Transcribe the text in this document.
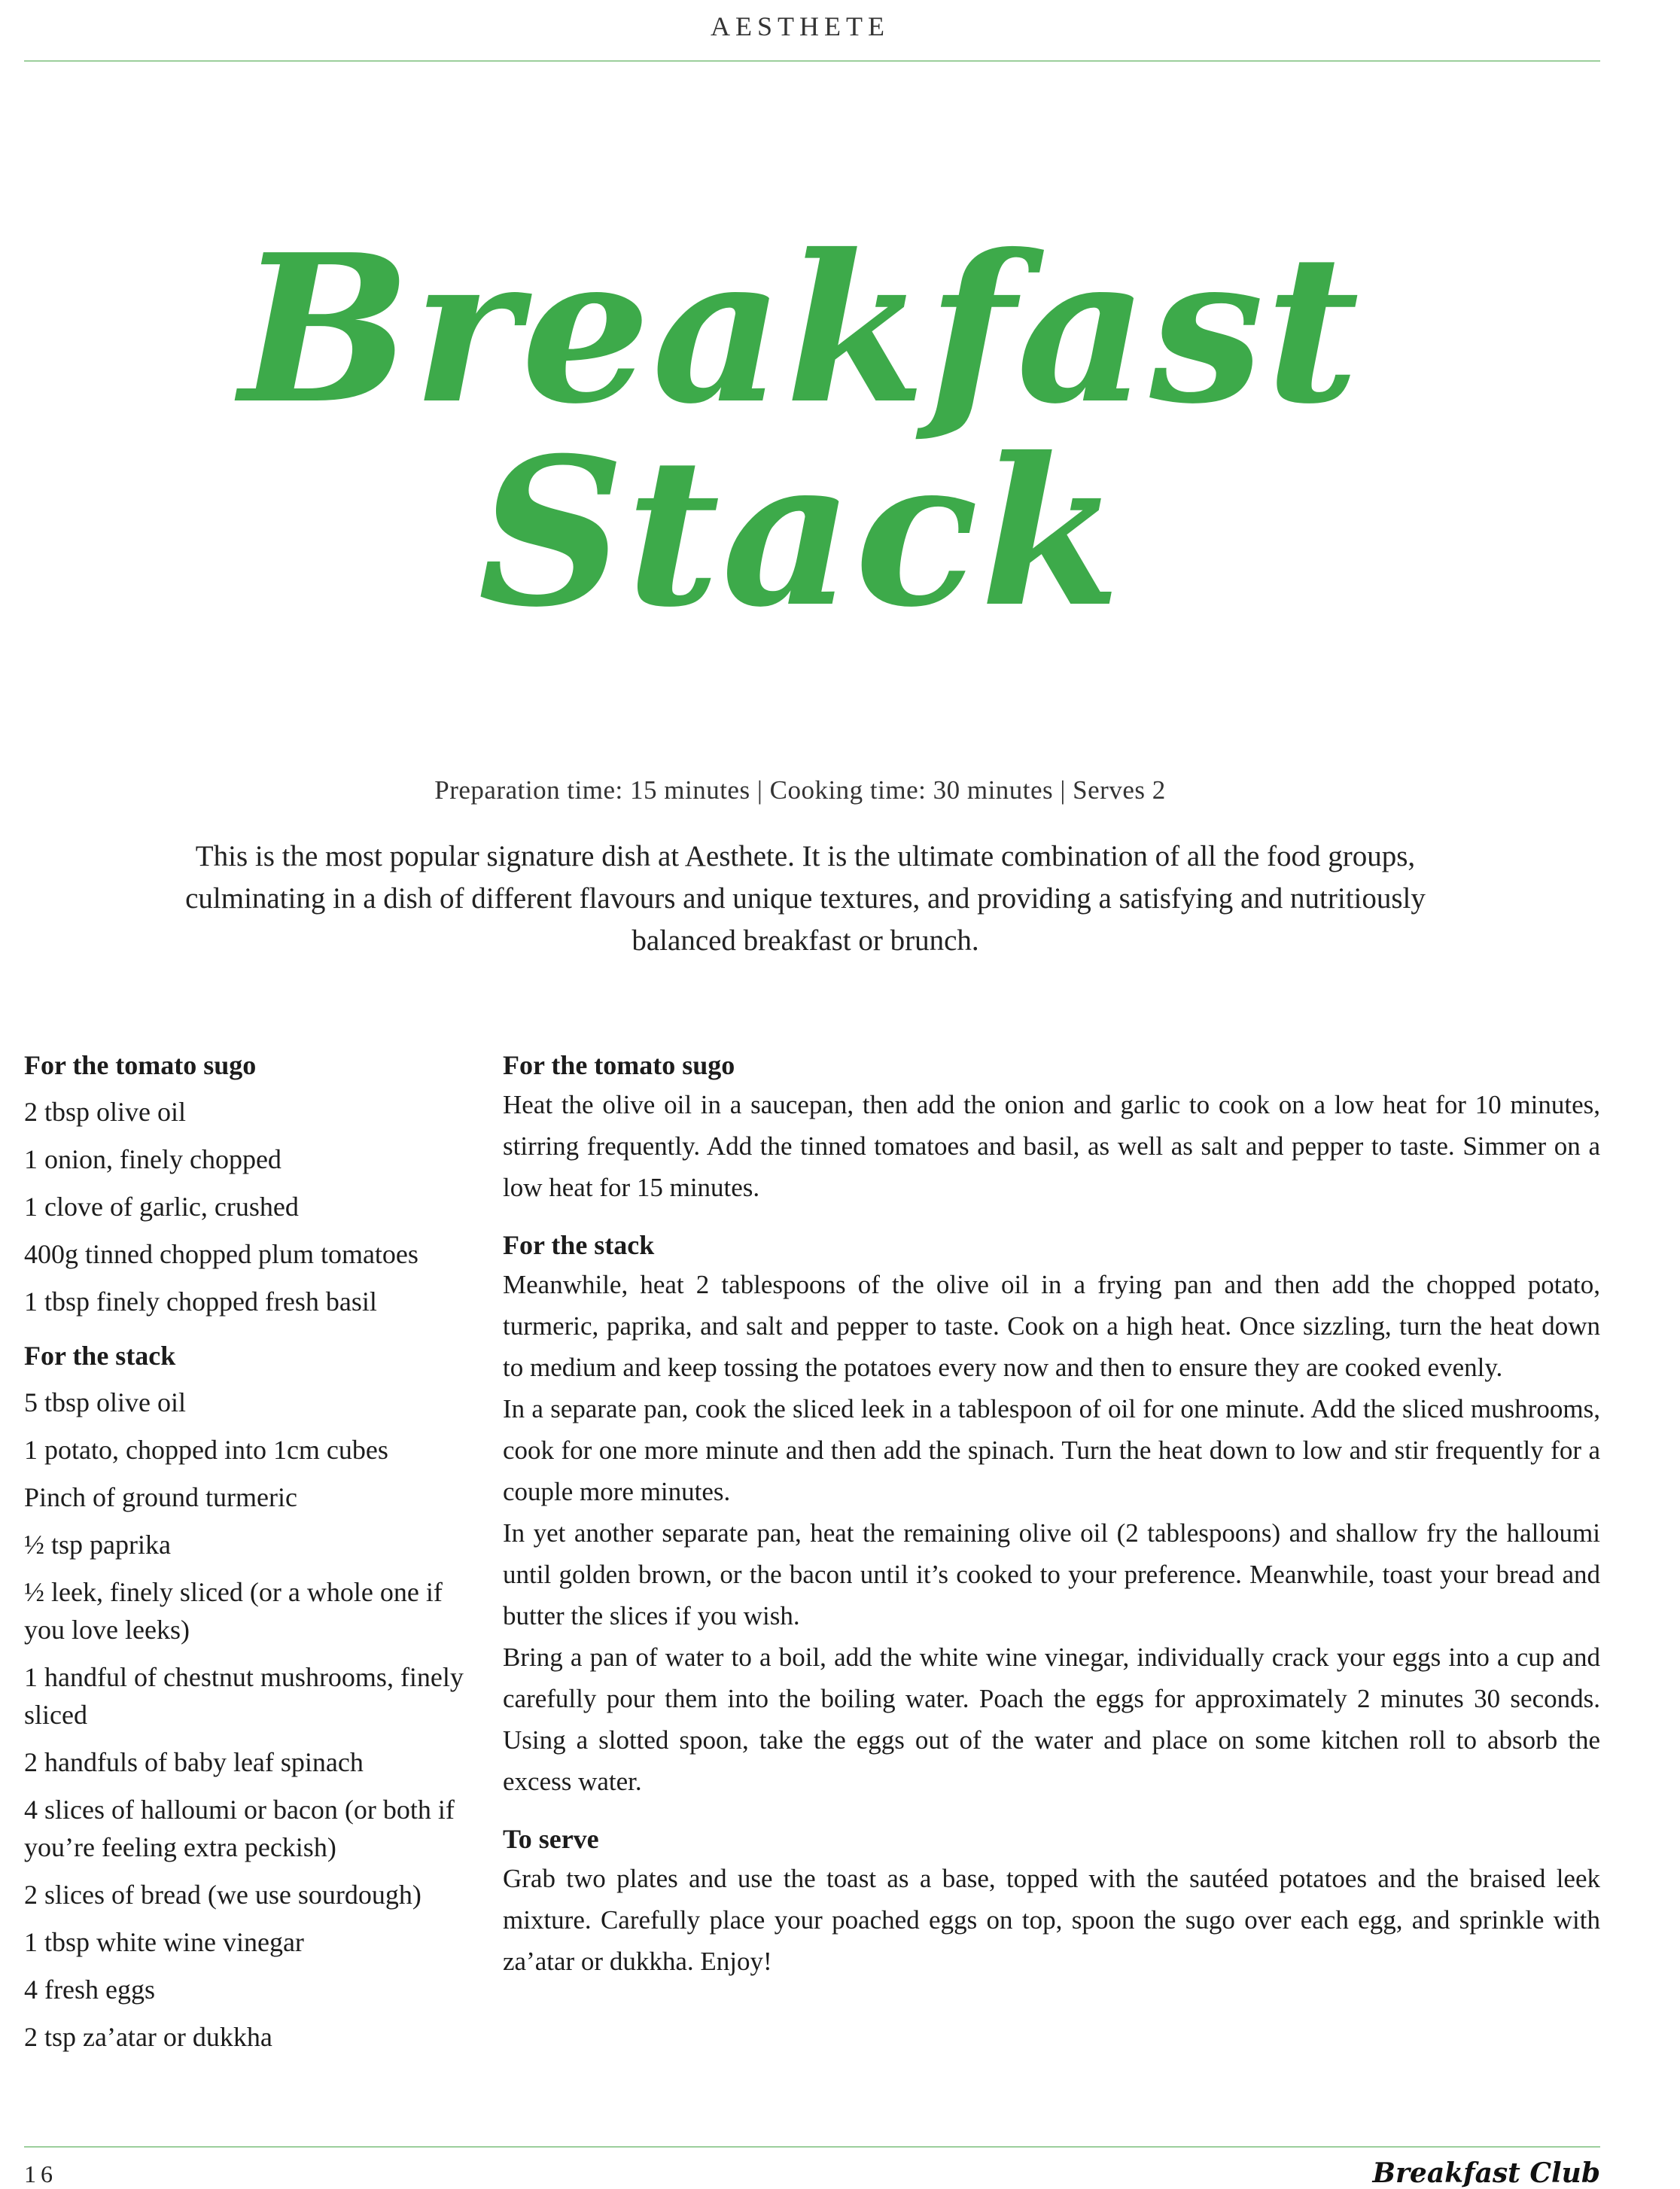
AESTHETE
Breakfast
Stack
Preparation time: 15 minutes | Cooking time: 30 minutes | Serves 2
This is the most popular signature dish at Aesthete. It is the ultimate combination of all the food groups, culminating in a dish of different flavours and unique textures, and providing a satisfying and nutritiously balanced breakfast or brunch.
For the tomato sugo
2 tbsp olive oil
1 onion, finely chopped
1 clove of garlic, crushed
400g tinned chopped plum tomatoes
1 tbsp finely chopped fresh basil
For the stack
5 tbsp olive oil
1 potato, chopped into 1cm cubes
Pinch of ground turmeric
½ tsp paprika
½ leek, finely sliced (or a whole one if you love leeks)
1 handful of chestnut mushrooms, finely sliced
2 handfuls of baby leaf spinach
4 slices of halloumi or bacon (or both if you’re feeling extra peckish)
2 slices of bread (we use sourdough)
1 tbsp white wine vinegar
4 fresh eggs
2 tsp za’atar or dukkha
For the tomato sugo

Heat the olive oil in a saucepan, then add the onion and garlic to cook on a low heat for 10 minutes, stirring frequently. Add the tinned tomatoes and basil, as well as salt and pepper to taste. Simmer on a low heat for 15 minutes.

For the stack

Meanwhile, heat 2 tablespoons of the olive oil in a frying pan and then add the chopped potato, turmeric, paprika, and salt and pepper to taste. Cook on a high heat. Once sizzling, turn the heat down to medium and keep tossing the potatoes every now and then to ensure they are cooked evenly.

In a separate pan, cook the sliced leek in a tablespoon of oil for one minute. Add the sliced mushrooms, cook for one more minute and then add the spinach. Turn the heat down to low and stir frequently for a couple more minutes.

In yet another separate pan, heat the remaining olive oil (2 tablespoons) and shallow fry the halloumi until golden brown, or the bacon until it’s cooked to your preference. Meanwhile, toast your bread and butter the slices if you wish.

Bring a pan of water to a boil, add the white wine vinegar, individually crack your eggs into a cup and carefully pour them into the boiling water. Poach the eggs for approximately 2 minutes 30 seconds. Using a slotted spoon, take the eggs out of the water and place on some kitchen roll to absorb the excess water.

To serve

Grab two plates and use the toast as a base, topped with the sautéed potatoes and the braised leek mixture. Carefully place your poached eggs on top, spoon the sugo over each egg, and sprinkle with za’atar or dukkha. Enjoy!

16	Breakfast Club
